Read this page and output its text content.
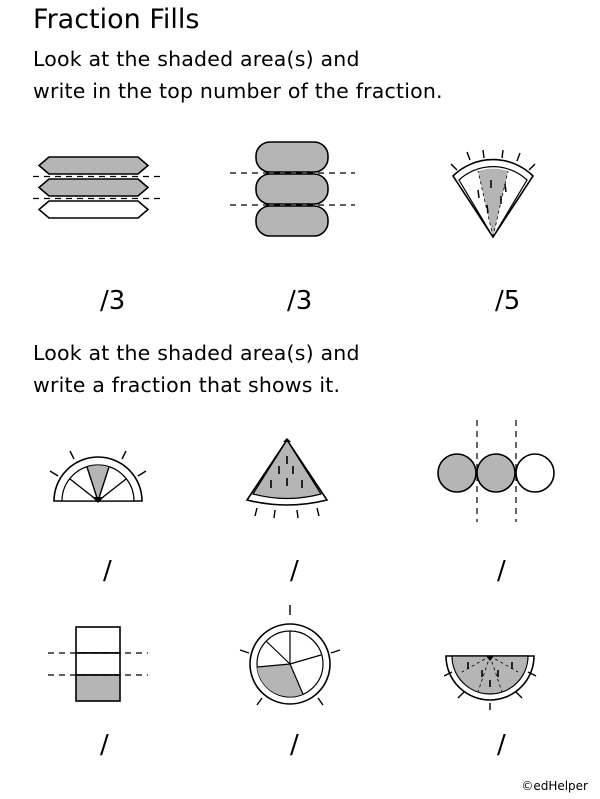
Fraction Fills

Look at the shaded area(s) and
write in the top number of the fraction.

/3	/3	/5

Look at the shaded area(s) and
write a fraction that shows it.

/	/	/

/	/	/

©edHelper
